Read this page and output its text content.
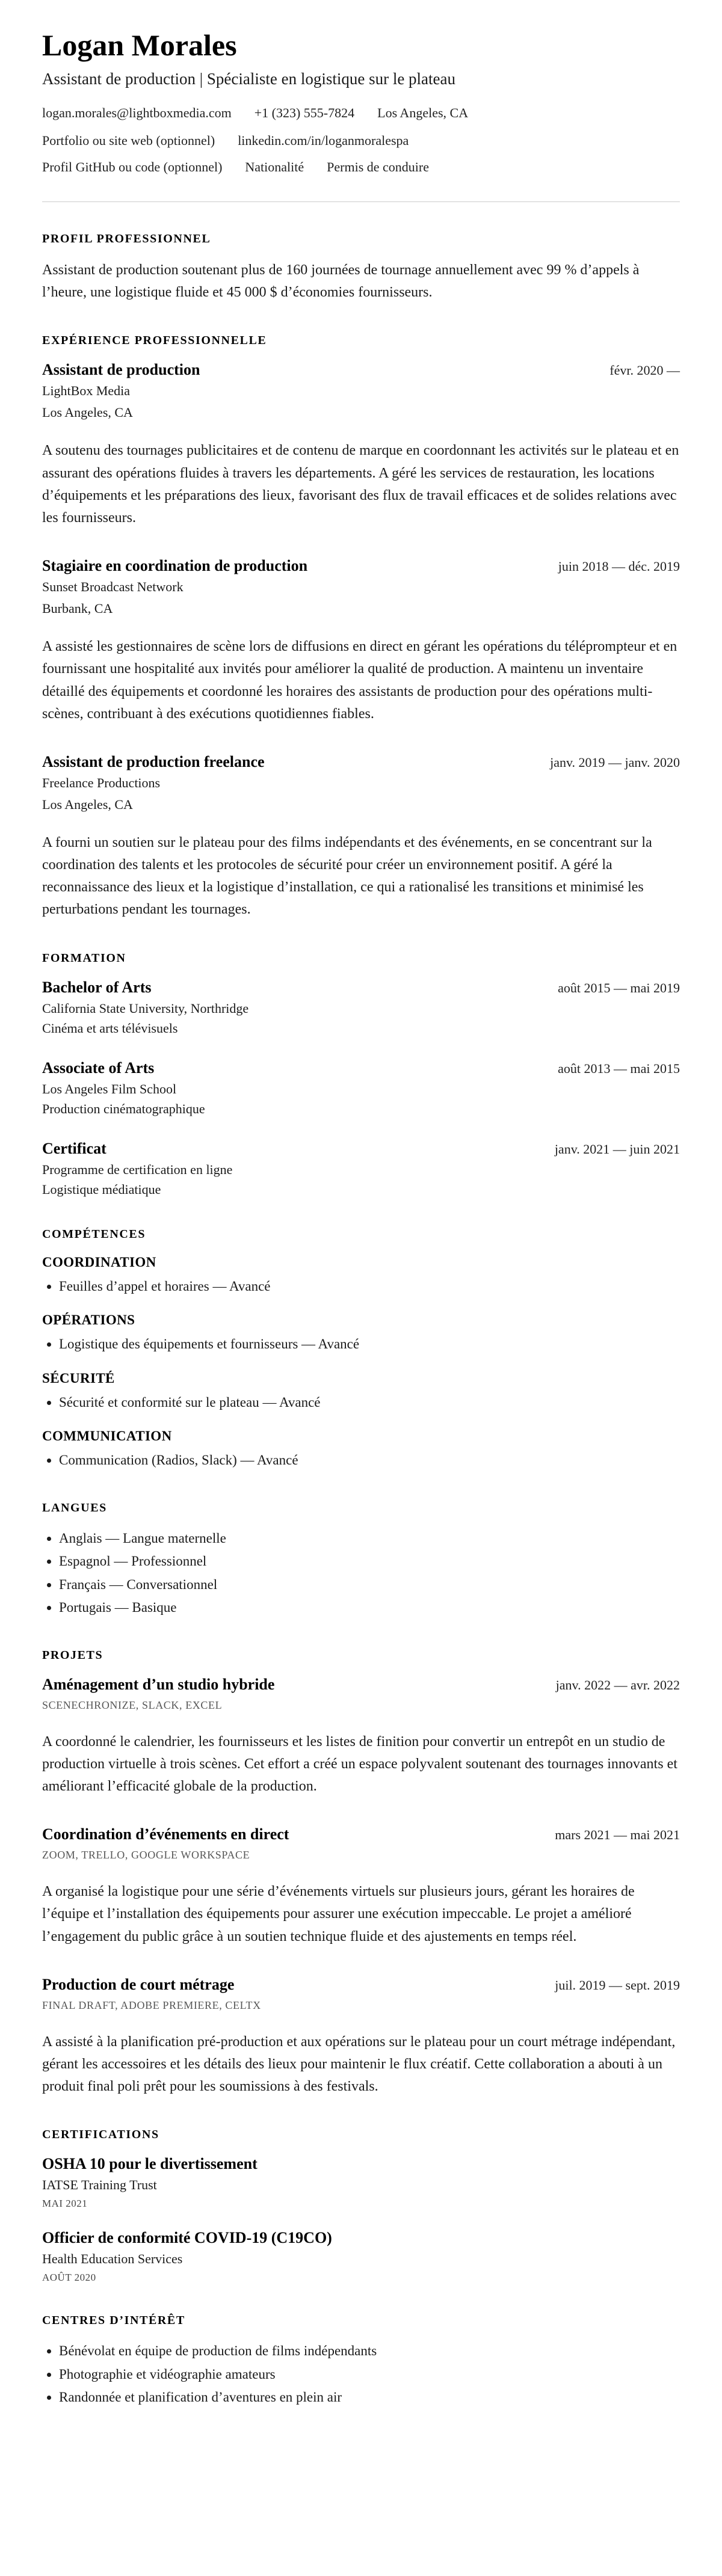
Logan Morales

Assistant de production | Spécialiste en logistique sur le plateau

logan.morales@lightboxmedia.com +1 (323) 555-7824 Los Angeles, CA
Portfolio ou site web (optionnel) linkedin.com/in/loganmoralespa
Profil GitHub ou code (optionnel) Nationalité Permis de conduire
PROFIL PROFESSIONNEL

Assistant de production soutenant plus de 160 journées de tournage annuellement avec 99 % d’appels à l’heure, une logistique fluide et 45 000 $ d’économies fournisseurs.

EXPÉRIENCE PROFESSIONNELLE
Assistant de production	févr. 2020 —

LightBox Media

Los Angeles, CA

A soutenu des tournages publicitaires et de contenu de marque en coordonnant les activités sur le plateau et en assurant des opérations fluides à travers les départements. A géré les services de restauration, les locations d’équipements et les préparations des lieux, favorisant des flux de travail efficaces et de solides relations avec les fournisseurs.

Stagiaire en coordination de production	juin 2018 — déc. 2019

Sunset Broadcast Network

Burbank, CA

A assisté les gestionnaires de scène lors de diffusions en direct en gérant les opérations du téléprompteur et en fournissant une hospitalité aux invités pour améliorer la qualité de production. A maintenu un inventaire détaillé des équipements et coordonné les horaires des assistants de production pour des opérations multi-scènes, contribuant à des exécutions quotidiennes fiables.

Assistant de production freelance	janv. 2019 — janv. 2020

Freelance Productions

Los Angeles, CA

A fourni un soutien sur le plateau pour des films indépendants et des événements, en se concentrant sur la coordination des talents et les protocoles de sécurité pour créer un environnement positif. A géré la reconnaissance des lieux et la logistique d’installation, ce qui a rationalisé les transitions et minimisé les perturbations pendant les tournages.

FORMATION
Bachelor of Arts	août 2015 — mai 2019

California State University, Northridge

Cinéma et arts télévisuels

Associate of Arts	août 2013 — mai 2015

Los Angeles Film School

Production cinématographique

Certificat	janv. 2021 — juin 2021

Programme de certification en ligne

Logistique médiatique

COMPÉTENCES
COORDINATION
• Feuilles d’appel et horaires — Avancé
OPÉRATIONS
• Logistique des équipements et fournisseurs — Avancé
SÉCURITÉ
• Sécurité et conformité sur le plateau — Avancé
COMMUNICATION
• Communication (Radios, Slack) — Avancé
LANGUES
• Anglais — Langue maternelle
• Espagnol — Professionnel
• Français — Conversationnel
• Portugais — Basique
PROJETS
Aménagement d’un studio hybride	janv. 2022 — avr. 2022

SCENECHRONIZE, SLACK, EXCEL

A coordonné le calendrier, les fournisseurs et les listes de finition pour convertir un entrepôt en un studio de production virtuelle à trois scènes. Cet effort a créé un espace polyvalent soutenant des tournages innovants et améliorant l’efficacité globale de la production.

Coordination d’événements en direct	mars 2021 — mai 2021

ZOOM, TRELLO, GOOGLE WORKSPACE

A organisé la logistique pour une série d’événements virtuels sur plusieurs jours, gérant les horaires de l’équipe et l’installation des équipements pour assurer une exécution impeccable. Le projet a amélioré l’engagement du public grâce à un soutien technique fluide et des ajustements en temps réel.

Production de court métrage	juil. 2019 — sept. 2019

FINAL DRAFT, ADOBE PREMIERE, CELTX

A assisté à la planification pré-production et aux opérations sur le plateau pour un court métrage indépendant, gérant les accessoires et les détails des lieux pour maintenir le flux créatif. Cette collaboration a abouti à un produit final poli prêt pour les soumissions à des festivals.

CERTIFICATIONS
OSHA 10 pour le divertissement

IATSE Training Trust

MAI 2021

Officier de conformité COVID-19 (C19CO)

Health Education Services

AOÛT 2020

CENTRES D’INTÉRÊT
• Bénévolat en équipe de production de films indépendants
• Photographie et vidéographie amateurs
• Randonnée et planification d’aventures en plein air
